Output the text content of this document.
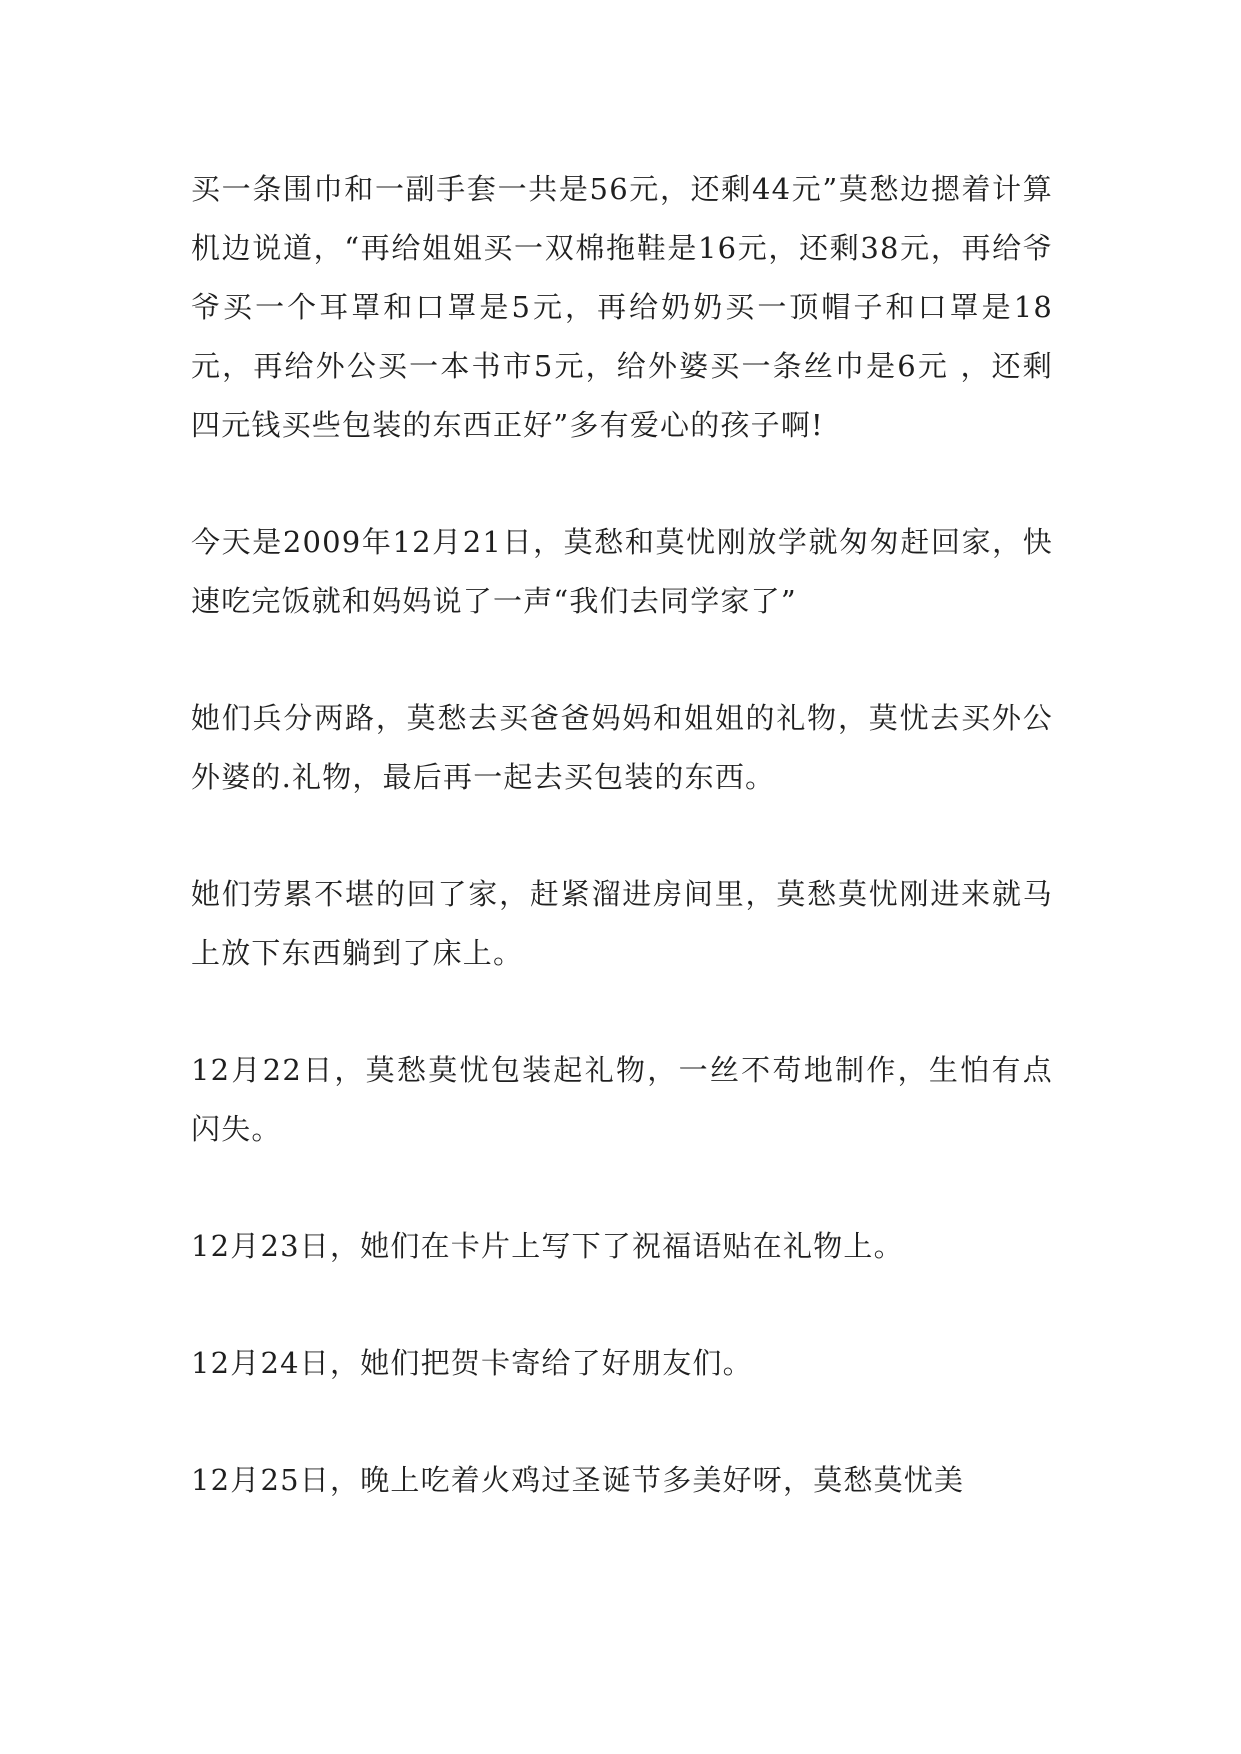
买一条围巾和一副手套一共是56元，还剩44元”莫愁边摁着计算机边说道，“再给姐姐买一双棉拖鞋是16元，还剩38元，再给爷爷买一个耳罩和口罩是5元，再给奶奶买一顶帽子和口罩是18元，再给外公买一本书市5元，给外婆买一条丝巾是6元 ，还剩四元钱买些包装的东西正好”多有爱心的孩子啊!

今天是2009年12月21日，莫愁和莫忧刚放学就匆匆赶回家，快速吃完饭就和妈妈说了一声“我们去同学家了”

她们兵分两路，莫愁去买爸爸妈妈和姐姐的礼物，莫忧去买外公外婆的.礼物，最后再一起去买包装的东西。

她们劳累不堪的回了家，赶紧溜进房间里，莫愁莫忧刚进来就马上放下东西躺到了床上。

12月22日，莫愁莫忧包装起礼物，一丝不苟地制作，生怕有点闪失。

12月23日，她们在卡片上写下了祝福语贴在礼物上。

12月24日，她们把贺卡寄给了好朋友们。

12月25日，晚上吃着火鸡过圣诞节多美好呀，莫愁莫忧美
